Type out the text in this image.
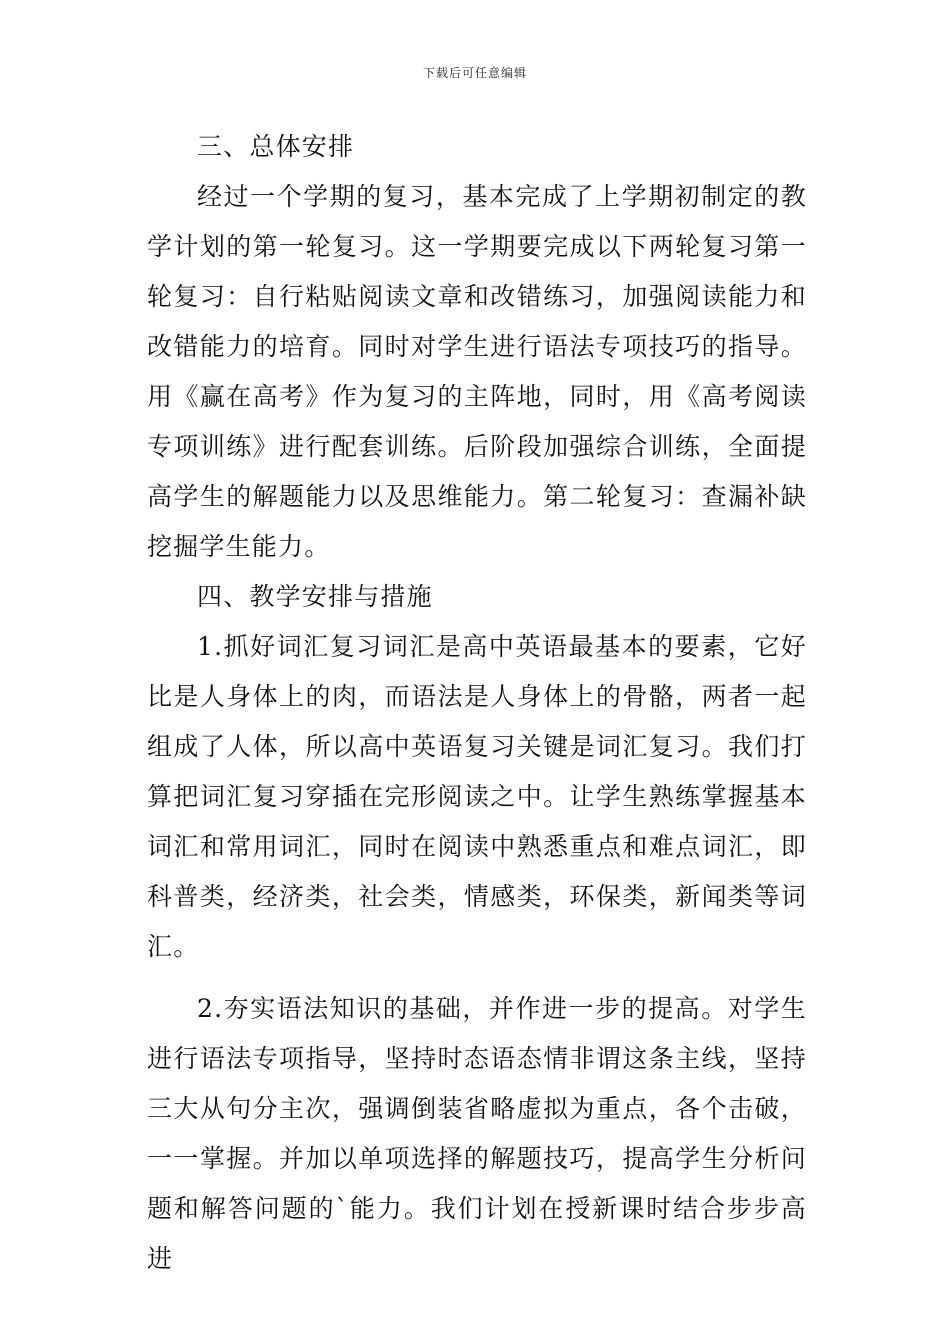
下载后可任意编辑

三、总体安排

经过一个学期的复习，基本完成了上学期初制定的教学计划的第一轮复习。这一学期要完成以下两轮复习第一轮复习：自行粘贴阅读文章和改错练习，加强阅读能力和改错能力的培育。同时对学生进行语法专项技巧的指导。用《赢在高考》作为复习的主阵地，同时，用《高考阅读专项训练》进行配套训练。后阶段加强综合训练，全面提高学生的解题能力以及思维能力。第二轮复习：查漏补缺挖掘学生能力。

四、教学安排与措施

1.抓好词汇复习词汇是高中英语最基本的要素，它好比是人身体上的肉，而语法是人身体上的骨骼，两者一起组成了人体，所以高中英语复习关键是词汇复习。我们打算把词汇复习穿插在完形阅读之中。让学生熟练掌握基本词汇和常用词汇，同时在阅读中熟悉重点和难点词汇，即科普类，经济类，社会类，情感类，环保类，新闻类等词汇。

2.夯实语法知识的基础，并作进一步的提高。对学生进行语法专项指导，坚持时态语态情非谓这条主线，坚持三大从句分主次，强调倒装省略虚拟为重点，各个击破，一一掌握。并加以单项选择的解题技巧，提高学生分析问题和解答问题的`能力。我们计划在授新课时结合步步高进
